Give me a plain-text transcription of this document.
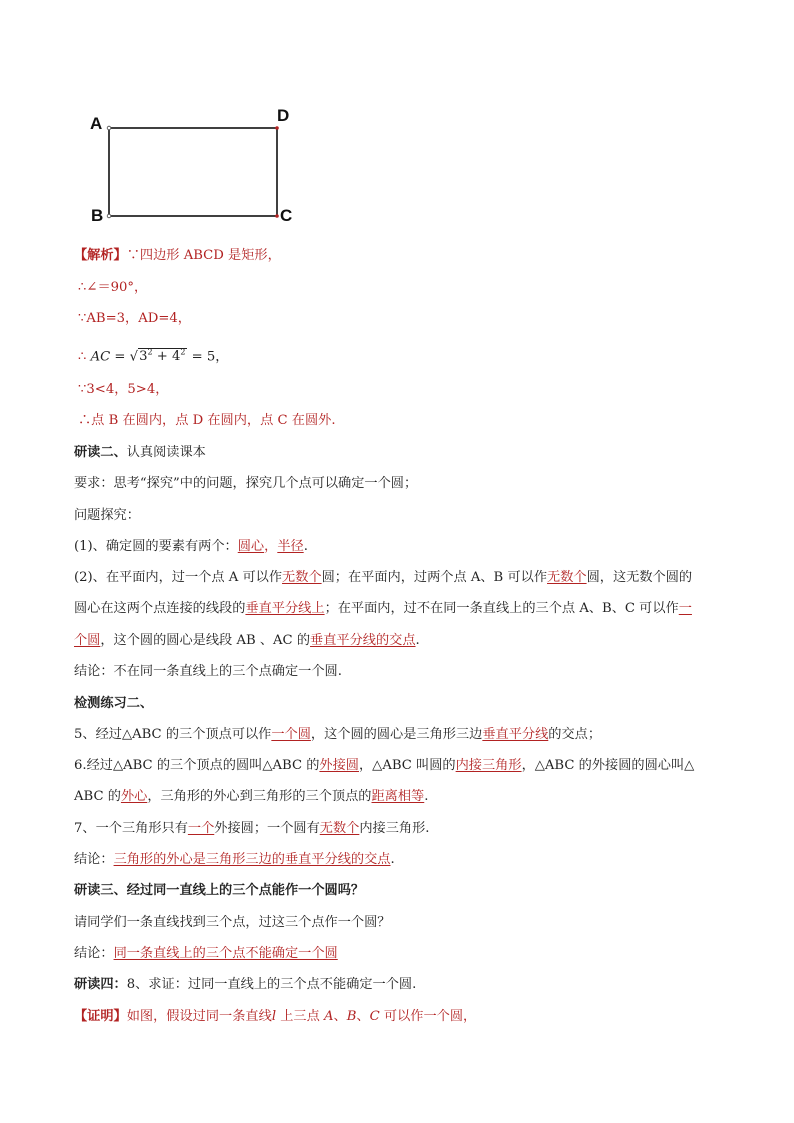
A	D
B	C
【解析】∵四边形 ABCD 是矩形，
∴∠＝90°，
∵AB=3，AD=4，
∴ AC = $√3^2 + 4^2 = 5$，
∵3<4，5>4，
∴点 B 在圆内，点 D 在圆内，点 C 在圆外.
研读二、认真阅读课本
要求：思考“探究”中的问题，探究几个点可以确定一个圆；
问题探究：
(1)、确定圆的要素有两个：圆心，半径.
(2)、在平面内，过一个点 A 可以作无数个圆；在平面内，过两个点 A、B 可以作无数个圆，这无数个圆的
圆心在这两个点连接的线段的垂直平分线上；在平面内，过不在同一条直线上的三个点 A、B、C 可以作一
个圆，这个圆的圆心是线段 AB 、AC 的垂直平分线的交点.
结论：不在同一条直线上的三个点确定一个圆.
检测练习二、
5、经过△ABC 的三个顶点可以作一个圆，这个圆的圆心是三角形三边垂直平分线的交点；
6.经过△ABC 的三个顶点的圆叫△ABC 的外接圆，△ABC 叫圆的内接三角形，△ABC 的外接圆的圆心叫△
ABC 的外心，三角形的外心到三角形的三个顶点的距离相等.
7、一个三角形只有一个外接圆；一个圆有无数个内接三角形.
结论：三角形的外心是三角形三边的垂直平分线的交点.
研读三、经过同一直线上的三个点能作一个圆吗？
请同学们一条直线找到三个点，过这三个点作一个圆？
结论：同一条直线上的三个点不能确定一个圆
研读四：8、求证：过同一直线上的三个点不能确定一个圆.
【证明】如图，假设过同一条直线l 上三点 A、B、C 可以作一个圆，
